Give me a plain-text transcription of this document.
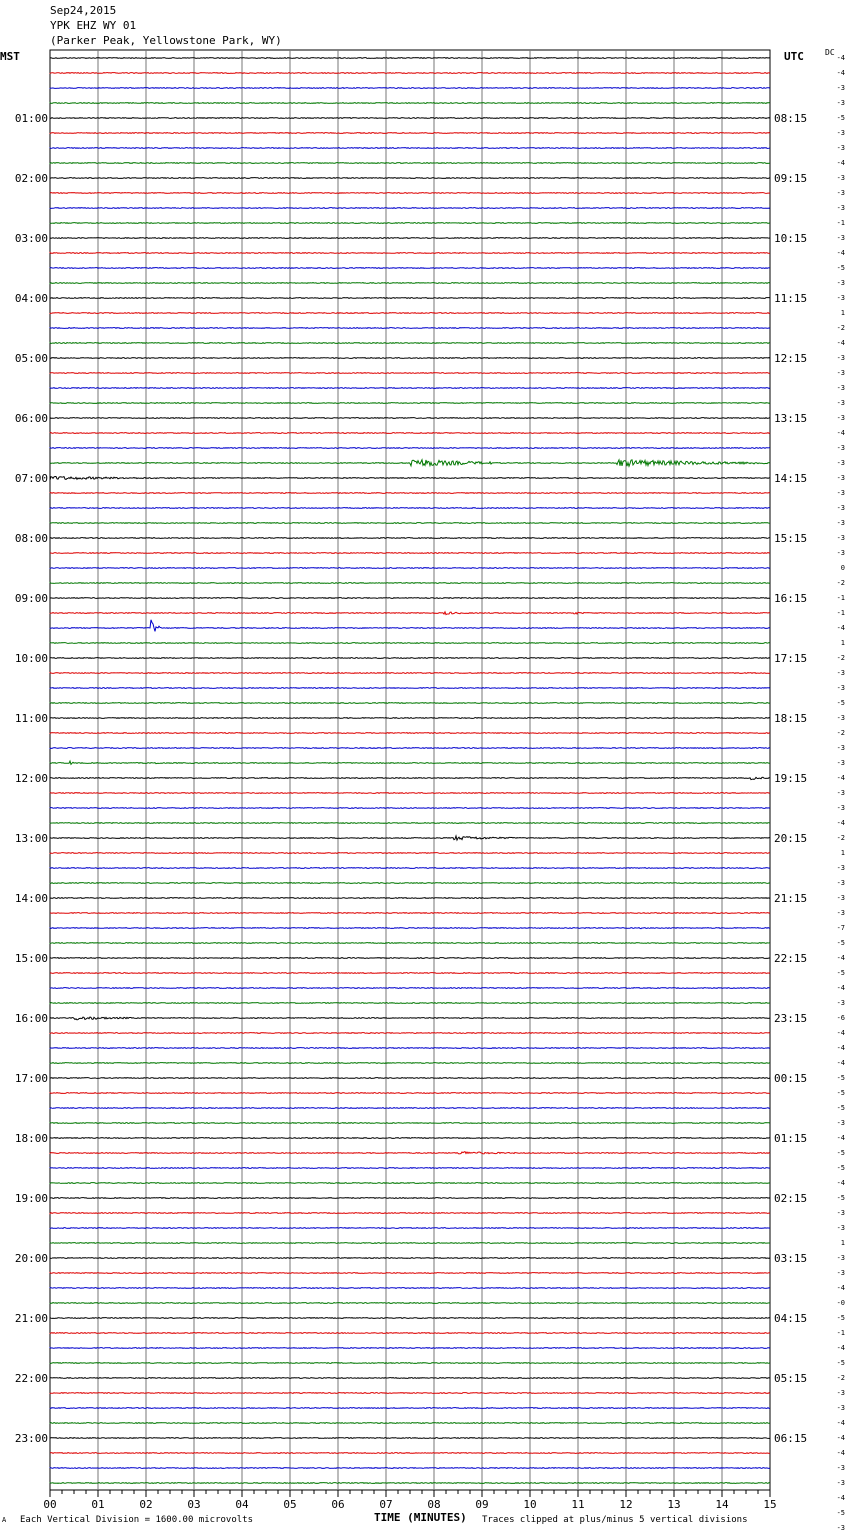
Sep24,2015
YPK EHZ WY 01
(Parker Peak, Yellowstone Park, WY)
MST	UTC	DC
01:00
02:00
03:00
04:00
05:00
06:00
07:00
08:00
09:00
10:00
11:00
12:00
13:00
14:00
15:00
16:00
17:00
18:00
19:00
20:00
21:00
22:00
23:00
08:15
09:15
10:15
11:15
12:15
13:15
14:15
15:15
16:15
17:15
18:15
19:15
20:15
21:15
22:15
23:15
00:15
01:15
02:15
03:15
04:15
05:15
06:15
-4
-4
-3
-3
-5
-3
-3
-4
-3
-3
-3
-1
-3
-4
-5
-3
-3
1
-2
-4
-3
-3
-3
-3
-3
-4
-3
-3
-3
-3
-3
-3
-3
-3
0
-2
-1
-1
-4
1
-2
-3
-3
-5
-3
-2
-3
-3
-4
-3
-3
-4
-2
1
-3
-3
-3
-3
-7
-5
-4
-5
-4
-3
-6
-4
-4
-4
-5
-5
-5
-3
-4
-5
-5
-4
-5
-3
-3
1
-3
-3
-4
-0
-5
-1
-4
-5
-2
-3
-3
-4
-4
-4
-3
-3
-4
-5
-3
00	01	02	03	04	05	06	07	08	09	10	11	12	13	14	15
A Each Vertical Division = 1600.00 microvolts	TIME (MINUTES) Traces clipped at plus/minus 5 vertical divisions
